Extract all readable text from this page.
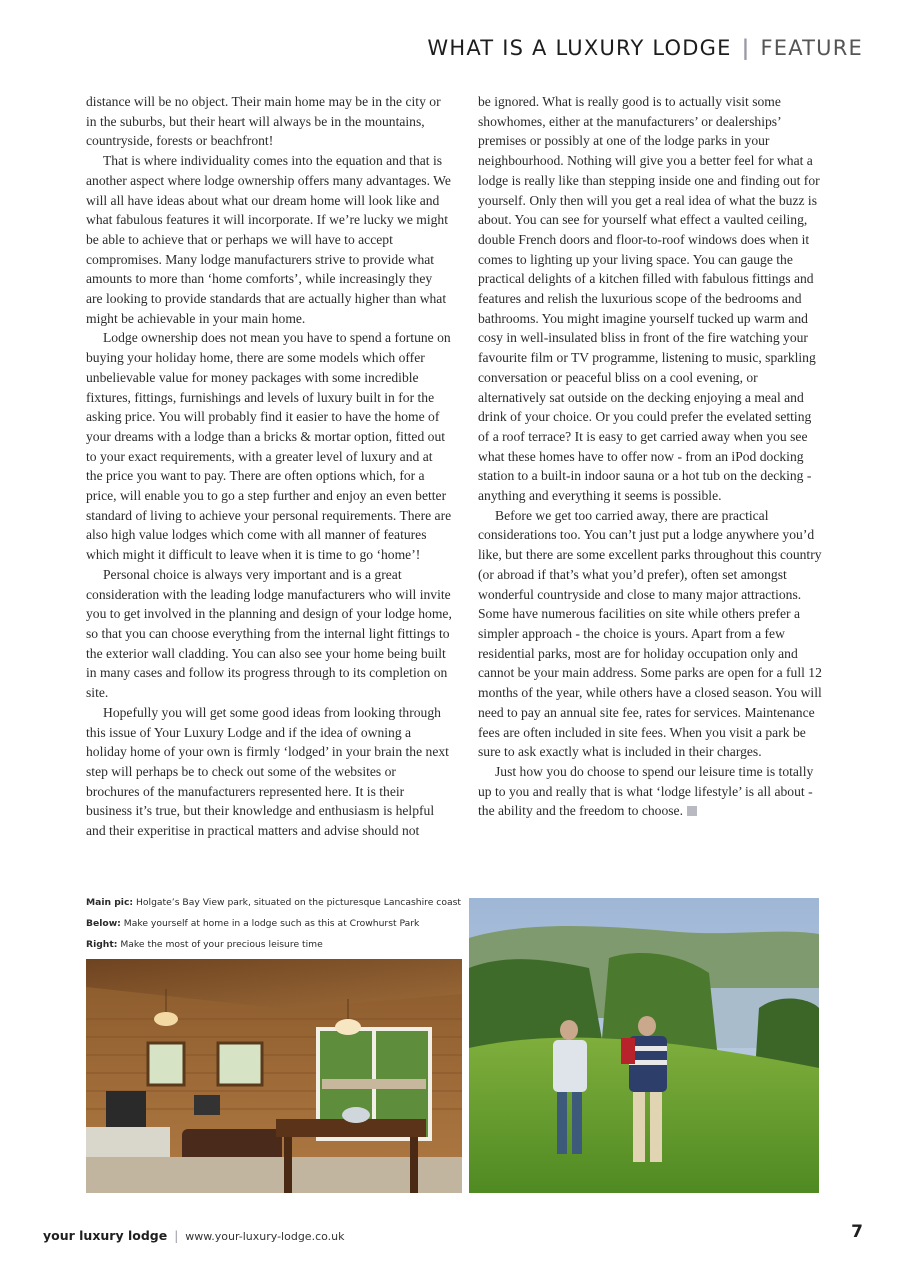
WHAT IS A LUXURY LODGE | FEATURE

distance will be no object. Their main home may be in the city or in the suburbs, but their heart will always be in the mountains, countryside, forests or beachfront!

That is where individuality comes into the equation and that is another aspect where lodge ownership offers many advantages. We will all have ideas about what our dream home will look like and what fabulous features it will incorporate. If we’re lucky we might be able to achieve that or perhaps we will have to accept compromises. Many lodge manufacturers strive to provide what amounts to more than ‘home comforts’, while increasingly they are looking to provide standards that are actually higher than what might be achievable in your main home.

Lodge ownership does not mean you have to spend a fortune on buying your holiday home, there are some models which offer unbelievable value for money packages with some incredible fixtures, fittings, furnishings and levels of luxury built in for the asking price. You will probably find it easier to have the home of your dreams with a lodge than a bricks & mortar option, fitted out to your exact requirements, with a greater level of luxury and at the price you want to pay. There are often options which, for a price, will enable you to go a step further and enjoy an even better standard of living to achieve your personal requirements. There are also high value lodges which come with all manner of features which might it difficult to leave when it is time to go ‘home’!

Personal choice is always very important and is a great consideration with the leading lodge manufacturers who will invite you to get involved in the planning and design of your lodge home, so that you can choose everything from the internal light fittings to the exterior wall cladding. You can also see your home being built in many cases and follow its progress through to its completion on site.

Hopefully you will get some good ideas from looking through this issue of Your Luxury Lodge and if the idea of owning a holiday home of your own is firmly ‘lodged’ in your brain the next step will perhaps be to check out some of the websites or brochures of the manufacturers represented here. It is their business it’s true, but their knowledge and enthusiasm is helpful and their experitise in practical matters and advise should not

be ignored. What is really good is to actually visit some showhomes, either at the manufacturers’ or dealerships’ premises or possibly at one of the lodge parks in your neighbourhood. Nothing will give you a better feel for what a lodge is really like than stepping inside one and finding out for yourself. Only then will you get a real idea of what the buzz is about. You can see for yourself what effect a vaulted ceiling, double French doors and floor-to-roof windows does when it comes to lighting up your living space. You can gauge the practical delights of a kitchen filled with fabulous fittings and features and relish the luxurious scope of the bedrooms and bathrooms. You might imagine yourself tucked up warm and cosy in well-insulated bliss in front of the fire watching your favourite film or TV programme, listening to music, sparkling conversation or peaceful bliss on a cool evening, or alternatively sat outside on the decking enjoying a meal and drink of your choice. Or you could prefer the evelated setting of a roof terrace? It is easy to get carried away when you see what these homes have to offer now - from an iPod docking station to a built-in indoor sauna or a hot tub on the decking - anything and everything it seems is possible.

Before we get too carried away, there are practical considerations too. You can’t just put a lodge anywhere you’d like, but there are some excellent parks throughout this country (or abroad if that’s what you’d prefer), often set amongst wonderful countryside and close to many major attractions. Some have numerous facilities on site while others prefer a simpler approach - the choice is yours. Apart from a few residential parks, most are for holiday occupation only and cannot be your main address. Some parks are open for a full 12 months of the year, while others have a closed season. You will need to pay an annual site fee, rates for services. Maintenance fees are often included in site fees. When you visit a park be sure to ask exactly what is included in their charges.

Just how you do choose to spend our leisure time is totally up to you and really that is what ‘lodge lifestyle’ is all about - the ability and the freedom to choose.

Main pic: Holgate’s Bay View park, situated on the picturesque Lancashire coast
Below: Make yourself at home in a lodge such as this at Crowhurst Park
Right: Make the most of your precious leisure time
your luxury lodge | www.your-luxury-lodge.co.uk	7
